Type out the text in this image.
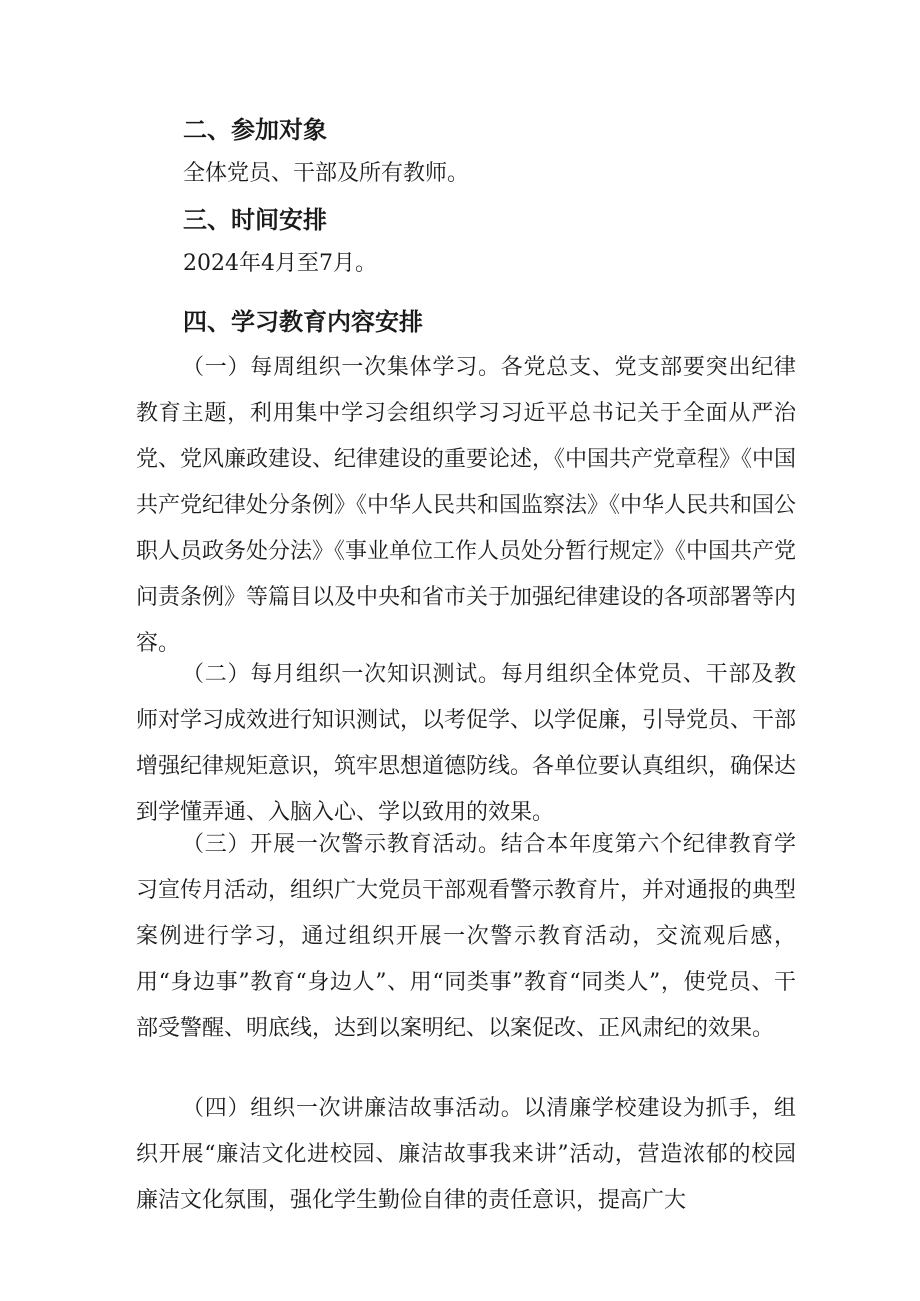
二、参加对象

全体党员、干部及所有教师。

三、时间安排

2024年4月至7月。

四、学习教育内容安排

（一）每周组织一次集体学习。各党总支、党支部要突出纪律教育主题，利用集中学习会组织学习习近平总书记关于全面从严治党、党风廉政建设、纪律建设的重要论述，《中国共产党章程》《中国共产党纪律处分条例》《中华人民共和国监察法》《中华人民共和国公职人员政务处分法》《事业单位工作人员处分暂行规定》《中国共产党问责条例》等篇目以及中央和省市关于加强纪律建设的各项部署等内容。

（二）每月组织一次知识测试。每月组织全体党员、干部及教师对学习成效进行知识测试，以考促学、以学促廉，引导党员、干部增强纪律规矩意识，筑牢思想道德防线。各单位要认真组织，确保达到学懂弄通、入脑入心、学以致用的效果。

（三）开展一次警示教育活动。结合本年度第六个纪律教育学习宣传月活动，组织广大党员干部观看警示教育片，并对通报的典型案例进行学习，通过组织开展一次警示教育活动，交流观后感，用“身边事”教育“身边人”、用“同类事”教育“同类人”，使党员、干部受警醒、明底线，达到以案明纪、以案促改、正风肃纪的效果。

（四）组织一次讲廉洁故事活动。以清廉学校建设为抓手，组织开展“廉洁文化进校园、廉洁故事我来讲”活动，营造浓郁的校园廉洁文化氛围，强化学生勤俭自律的责任意识，提高广大
